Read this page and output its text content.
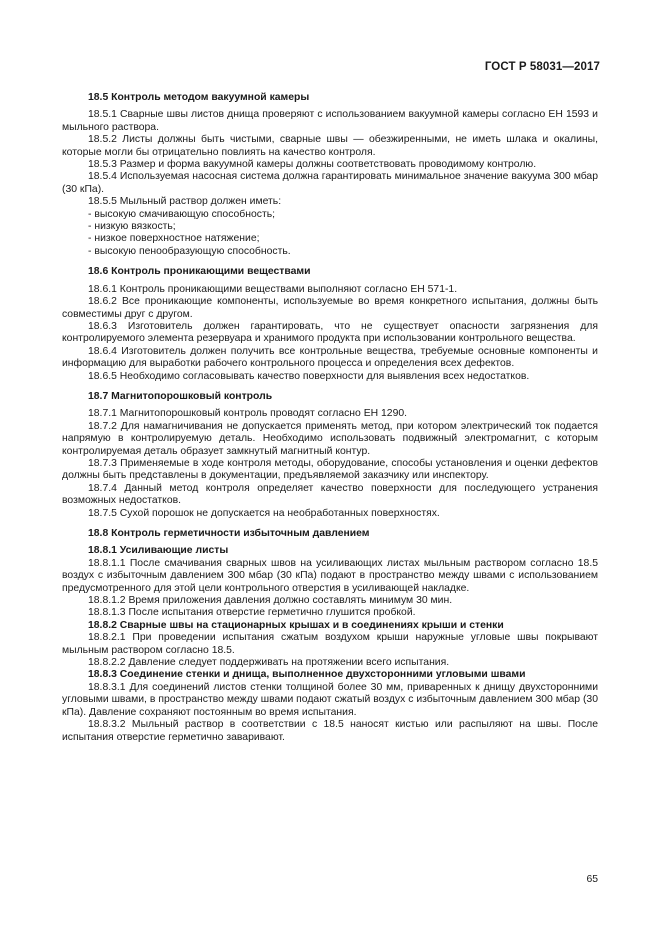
ГОСТ Р 58031—2017
18.5 Контроль методом вакуумной камеры

18.5.1 Сварные швы листов днища проверяют с использованием вакуумной камеры согласно ЕН 1593 и мыльного раствора.

18.5.2 Листы должны быть чистыми, сварные швы — обезжиренными, не иметь шлака и окалины, которые могли бы отрицательно повлиять на качество контроля.

18.5.3 Размер и форма вакуумной камеры должны соответствовать проводимому контролю.

18.5.4 Используемая насосная система должна гарантировать минимальное значение вакуума 300 мбар (30 кПа).

18.5.5 Мыльный раствор должен иметь:

- высокую смачивающую способность;

- низкую вязкость;

- низкое поверхностное натяжение;

- высокую пенообразующую способность.

18.6 Контроль проникающими веществами

18.6.1 Контроль проникающими веществами выполняют согласно ЕН 571-1.

18.6.2 Все проникающие компоненты, используемые во время конкретного испытания, должны быть совместимы друг с другом.

18.6.3 Изготовитель должен гарантировать, что не существует опасности загрязнения для контролируемого элемента резервуара и хранимого продукта при использовании контрольного вещества.

18.6.4 Изготовитель должен получить все контрольные вещества, требуемые основные компоненты и информацию для выработки рабочего контрольного процесса и определения всех дефектов.

18.6.5 Необходимо согласовывать качество поверхности для выявления всех недостатков.

18.7 Магнитопорошковый контроль

18.7.1 Магнитопорошковый контроль проводят согласно ЕН 1290.

18.7.2 Для намагничивания не допускается применять метод, при котором электрический ток подается напрямую в контролируемую деталь. Необходимо использовать подвижный электромагнит, с которым контролируемая деталь образует замкнутый магнитный контур.

18.7.3 Применяемые в ходе контроля методы, оборудование, способы установления и оценки дефектов должны быть представлены в документации, предъявляемой заказчику или инспектору.

18.7.4 Данный метод контроля определяет качество поверхности для последующего устранения возможных недостатков.

18.7.5 Сухой порошок не допускается на необработанных поверхностях.

18.8 Контроль герметичности избыточным давлением
18.8.1 Усиливающие листы

18.8.1.1 После смачивания сварных швов на усиливающих листах мыльным раствором согласно 18.5 воздух с избыточным давлением 300 мбар (30 кПа) подают в пространство между швами с использованием предусмотренного для этой цели контрольного отверстия в усиливающей накладке.

18.8.1.2 Время приложения давления должно составлять минимум 30 мин.

18.8.1.3 После испытания отверстие герметично глушится пробкой.

18.8.2 Сварные швы на стационарных крышах и в соединениях крыши и стенки

18.8.2.1 При проведении испытания сжатым воздухом крыши наружные угловые швы покрывают мыльным раствором согласно 18.5.

18.8.2.2 Давление следует поддерживать на протяжении всего испытания.

18.8.3 Соединение стенки и днища, выполненное двухсторонними угловыми швами

18.8.3.1 Для соединений листов стенки толщиной более 30 мм, приваренных к днищу двухсторонними угловыми швами, в пространство между швами подают сжатый воздух с избыточным давлением 300 мбар (30 кПа). Давление сохраняют постоянным во время испытания.

18.8.3.2 Мыльный раствор в соответствии с 18.5 наносят кистью или распыляют на швы. После испытания отверстие герметично заваривают.

65
